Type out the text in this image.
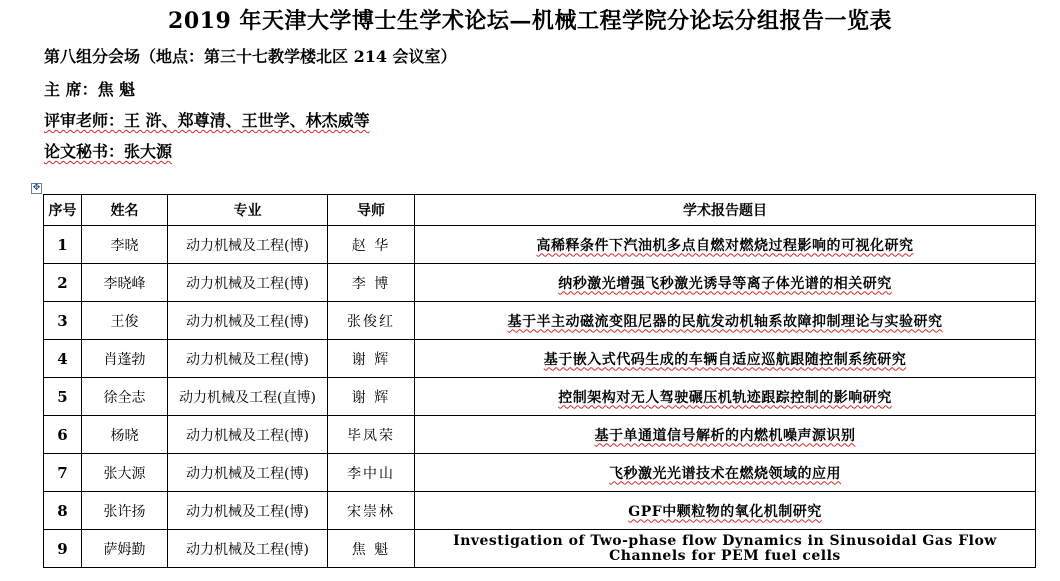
2019 年天津大学博士生学术论坛—机械工程学院分论坛分组报告一览表
第八组分会场（地点：第三十七教学楼北区 214 会议室）
主 席：焦 魁
评审老师：王 浒、郑尊清、王世学、林杰威等
论文秘书：张大源
✥
序号	姓名	专业	导师	学术报告题目
1	李晓	动力机械及工程(博)	赵 华	高稀释条件下汽油机多点自燃对燃烧过程影响的可视化研究
2	李晓峰	动力机械及工程(博)	李 博	纳秒激光增强飞秒激光诱导等离子体光谱的相关研究
3	王俊	动力机械及工程(博)	张俊红	基于半主动磁流变阻尼器的民航发动机轴系故障抑制理论与实验研究
4	肖蓬勃	动力机械及工程(博)	谢 辉	基于嵌入式代码生成的车辆自适应巡航跟随控制系统研究
5	徐全志	动力机械及工程(直博)	谢 辉	控制架构对无人驾驶碾压机轨迹跟踪控制的影响研究
6	杨晓	动力机械及工程(博)	毕凤荣	基于单通道信号解析的内燃机噪声源识别
7	张大源	动力机械及工程(博)	李中山	飞秒激光光谱技术在燃烧领域的应用
8	张许扬	动力机械及工程(博)	宋崇林	GPF中颗粒物的氧化机制研究
9	萨姆勤	动力机械及工程(博)	焦 魁	Investigation of Two-phase flow Dynamics in Sinusoidal Gas Flow Channels for PEM fuel cells
